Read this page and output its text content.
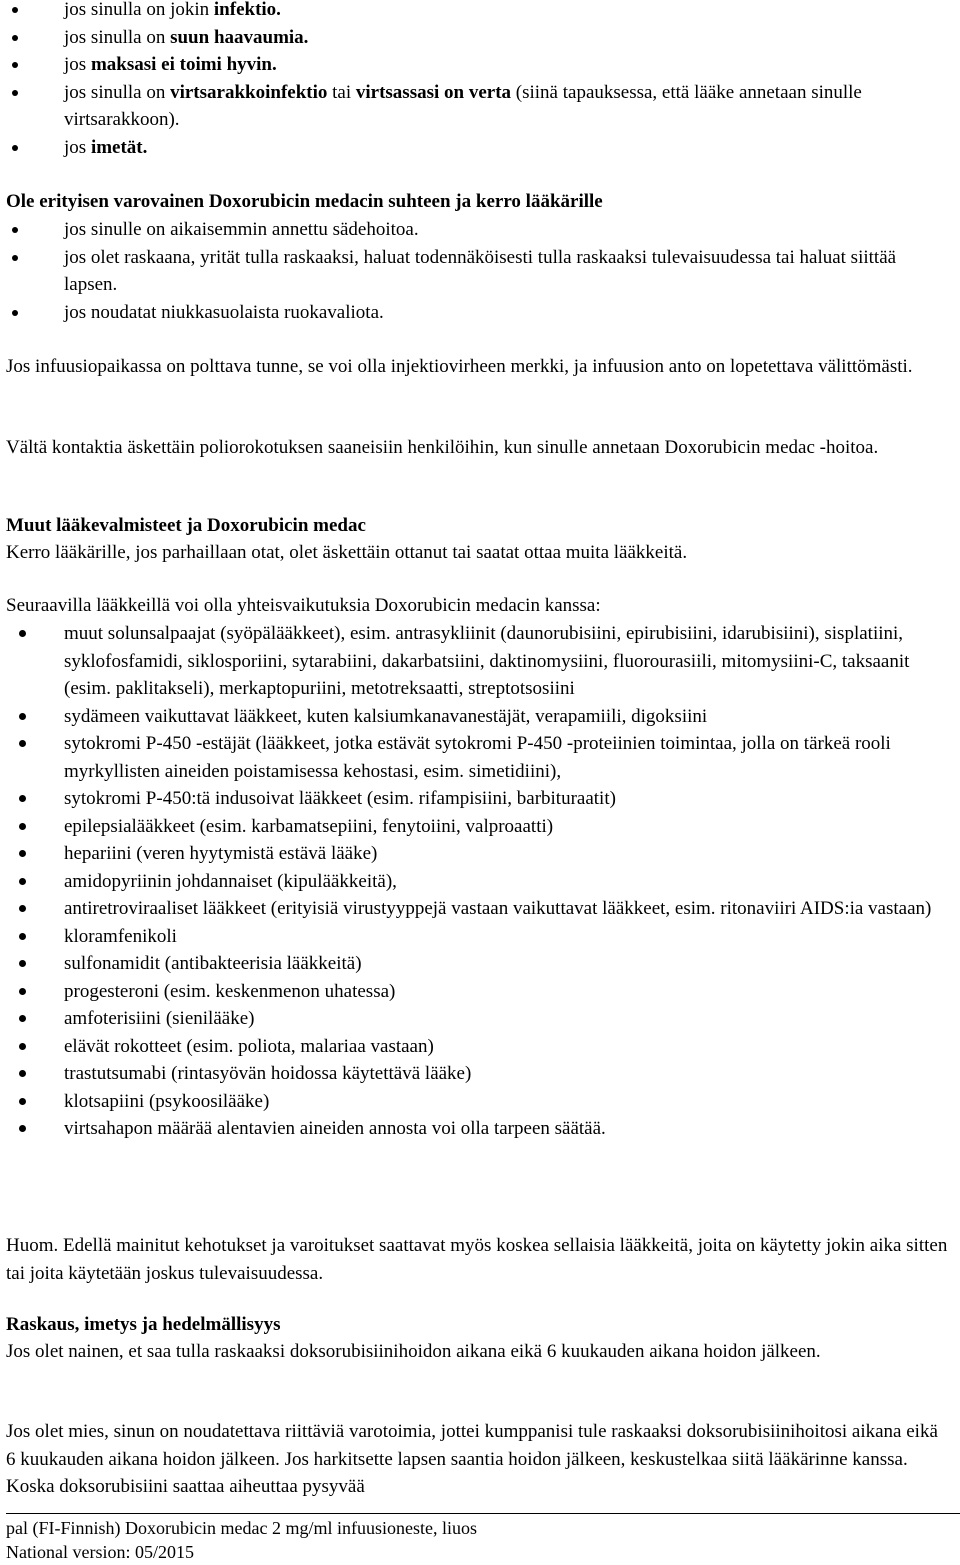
jos sinulla on jokin infektio.
jos sinulla on suun haavaumia.
jos maksasi ei toimi hyvin.
jos sinulla on virtsarakkoinfektio tai virtsassasi on verta (siinä tapauksessa, että lääke annetaan sinulle virtsarakkoon).
jos imetät.

Ole erityisen varovainen Doxorubicin medacin suhteen ja kerro lääkärille

jos sinulle on aikaisemmin annettu sädehoitoa.
jos olet raskaana, yrität tulla raskaaksi, haluat todennäköisesti tulla raskaaksi tulevaisuudessa tai haluat siittää lapsen.
jos noudatat niukkasuolaista ruokavaliota.

Jos infuusiopaikassa on polttava tunne, se voi olla injektiovirheen merkki, ja infuusion anto on lopetettava välittömästi.

Vältä kontaktia äskettäin poliorokotuksen saaneisiin henkilöihin, kun sinulle annetaan Doxorubicin medac -hoitoa.

Muut lääkevalmisteet ja Doxorubicin medac

Kerro lääkärille, jos parhaillaan otat, olet äskettäin ottanut tai saatat ottaa muita lääkkeitä.

Seuraavilla lääkkeillä voi olla yhteisvaikutuksia Doxorubicin medacin kanssa:

muut solunsalpaajat (syöpälääkkeet), esim. antrasykliinit (daunorubisiini, epirubisiini, idarubisiini), sisplatiini, syklofosfamidi, siklosporiini, sytarabiini, dakarbatsiini, daktinomysiini, fluorourasiili, mitomysiini-C, taksaanit (esim. paklitakseli), merkaptopuriini, metotreksaatti, streptotsosiini
sydämeen vaikuttavat lääkkeet, kuten kalsiumkanavanestäjät, verapamiili, digoksiini
sytokromi P-450 -estäjät (lääkkeet, jotka estävät sytokromi P-450 -proteiinien toimintaa, jolla on tärkeä rooli myrkyllisten aineiden poistamisessa kehostasi, esim. simetidiini),
sytokromi P-450:tä indusoivat lääkkeet (esim. rifampisiini, barbituraatit)
epilepsialääkkeet (esim. karbamatsepiini, fenytoiini, valproaatti)
hepariini (veren hyytymistä estävä lääke)
amidopyriinin johdannaiset (kipulääkkeitä),
antiretroviraaliset lääkkeet (erityisiä virustyyppejä vastaan vaikuttavat lääkkeet, esim. ritonaviiri AIDS:ia vastaan)
kloramfenikoli
sulfonamidit (antibakteerisia lääkkeitä)
progesteroni (esim. keskenmenon uhatessa)
amfoterisiini (sienilääke)
elävät rokotteet (esim. poliota, malariaa vastaan)
trastutsumabi (rintasyövän hoidossa käytettävä lääke)
klotsapiini (psykoosilääke)
virtsahapon määrää alentavien aineiden annosta voi olla tarpeen säätää.

Huom. Edellä mainitut kehotukset ja varoitukset saattavat myös koskea sellaisia lääkkeitä, joita on käytetty jokin aika sitten tai joita käytetään joskus tulevaisuudessa.

Raskaus, imetys ja hedelmällisyys

Jos olet nainen, et saa tulla raskaaksi doksorubisiinihoidon aikana eikä 6 kuukauden aikana hoidon jälkeen.

Jos olet mies, sinun on noudatettava riittäviä varotoimia, jottei kumppanisi tule raskaaksi doksorubisiinihoitosi aikana eikä 6 kuukauden aikana hoidon jälkeen. Jos harkitsette lapsen saantia hoidon jälkeen, keskustelkaa siitä lääkärinne kanssa. Koska doksorubisiini saattaa aiheuttaa pysyvää

pal (FI-Finnish) Doxorubicin medac 2 mg/ml infuusioneste, liuos
National version: 05/2015
